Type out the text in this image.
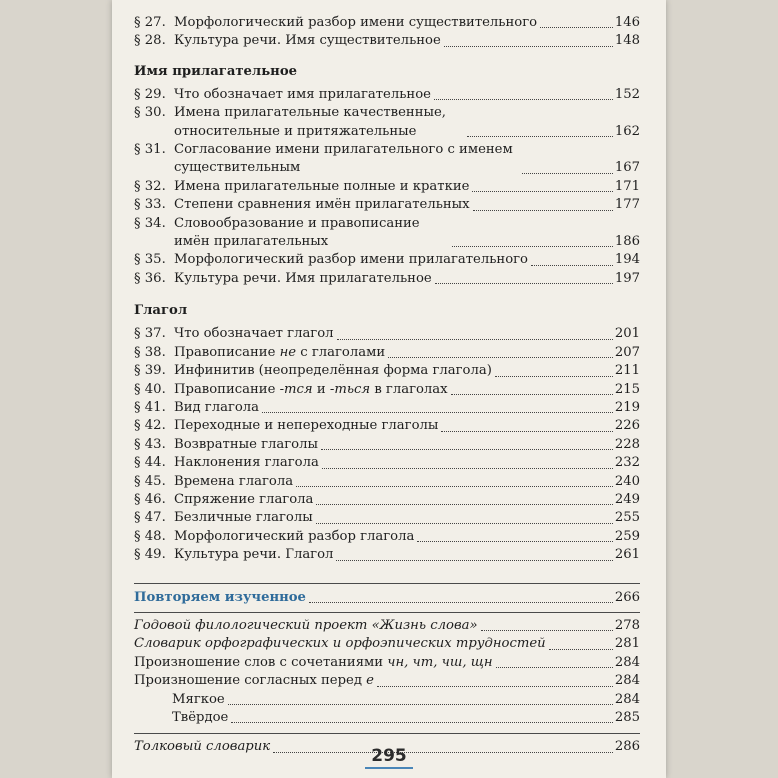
§ 27. Морфологический разбор имени существительного	146
§ 28. Культура речи. Имя существительное	148
Имя прилагательное
§ 29. Что обозначает имя прилагательное	152
§ 30. Имена прилагательные качественные, относительные и притяжательные	162
§ 31. Согласование имени прилагательного с именем существительным	167
§ 32. Имена прилагательные полные и краткие	171
§ 33. Степени сравнения имён прилагательных	177
§ 34. Словообразование и правописание имён прилагательных	186
§ 35. Морфологический разбор имени прилагательного	194
§ 36. Культура речи. Имя прилагательное	197
Глагол
§ 37. Что обозначает глагол	201
§ 38. Правописание не с глаголами	207
§ 39. Инфинитив (неопределённая форма глагола)	211
§ 40. Правописание -тся и -ться в глаголах	215
§ 41. Вид глагола	219
§ 42. Переходные и непереходные глаголы	226
§ 43. Возвратные глаголы	228
§ 44. Наклонения глагола	232
§ 45. Времена глагола	240
§ 46. Спряжение глагола	249
§ 47. Безличные глаголы	255
§ 48. Морфологический разбор глагола	259
§ 49. Культура речи. Глагол	261
Повторяем изученное	266
Годовой филологический проект «Жизнь слова»	278
Словарик орфографических и орфоэпических трудностей	281
Произношение слов с сочетаниями чн, чт, чш, щн	284
Произношение согласных перед е	284
Мягкое	284
Твёрдое	285
Толковый словарик	286
295
